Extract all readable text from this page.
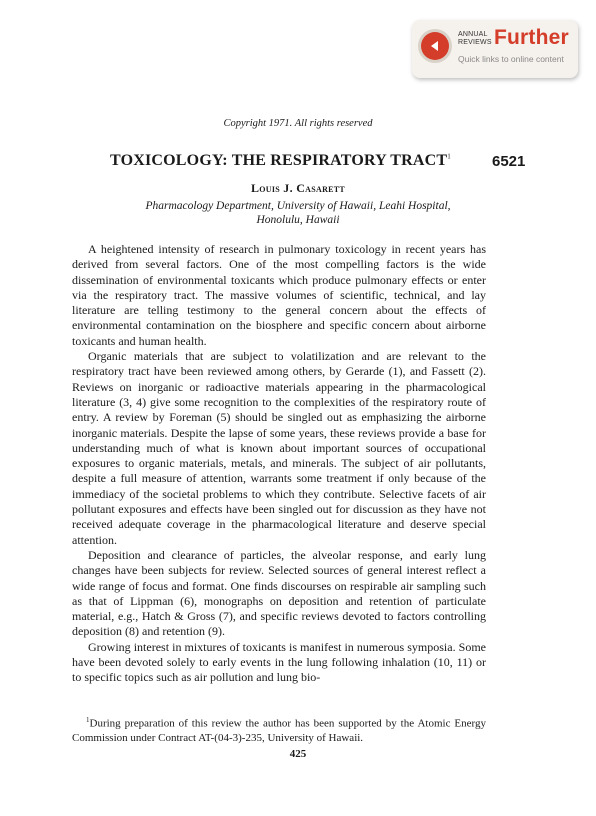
ANNUAL
REVIEWS Further
Quick links to online content
Copyright 1971. All rights reserved
TOXICOLOGY: THE RESPIRATORY TRACT$^1$	6521
Louis J. Casarett
Pharmacology Department, University of Hawaii, Leahi Hospital,
Honolulu, Hawaii

A heightened intensity of research in pulmonary toxicology in recent years has derived from several factors. One of the most compelling factors is the wide dissemination of environmental toxicants which produce pulmonary effects or enter via the respiratory tract. The massive volumes of scientific, technical, and lay literature are telling testimony to the general concern about the effects of environmental contamination on the biosphere and specific concern about airborne toxicants and human health.

Organic materials that are subject to volatilization and are relevant to the respiratory tract have been reviewed among others, by Gerarde (1), and Fassett (2). Reviews on inorganic or radioactive materials appearing in the pharmacological literature (3, 4) give some recognition to the complexities of the respiratory route of entry. A review by Foreman (5) should be singled out as emphasizing the airborne inorganic materials. Despite the lapse of some years, these reviews provide a base for understanding much of what is known about important sources of occupational exposures to organic materials, metals, and minerals. The subject of air pollutants, despite a full measure of attention, warrants some treatment if only because of the immediacy of the societal problems to which they contribute. Selective facets of air pollutant exposures and effects have been singled out for discussion as they have not received adequate coverage in the pharmacological literature and deserve special attention.

Deposition and clearance of particles, the alveolar response, and early lung changes have been subjects for review. Selected sources of general interest reflect a wide range of focus and format. One finds discourses on respirable air sampling such as that of Lippman (6), monographs on deposition and retention of particulate material, e.g., Hatch & Gross (7), and specific reviews devoted to factors controlling deposition (8) and retention (9).

Growing interest in mixtures of toxicants is manifest in numerous symposia. Some have been devoted solely to early events in the lung following inhalation (10, 11) or to specific topics such as air pollution and lung bio-

$^1$During preparation of this review the author has been supported by the Atomic Energy Commission under Contract AT-(04-3)-235, University of Hawaii.
425
